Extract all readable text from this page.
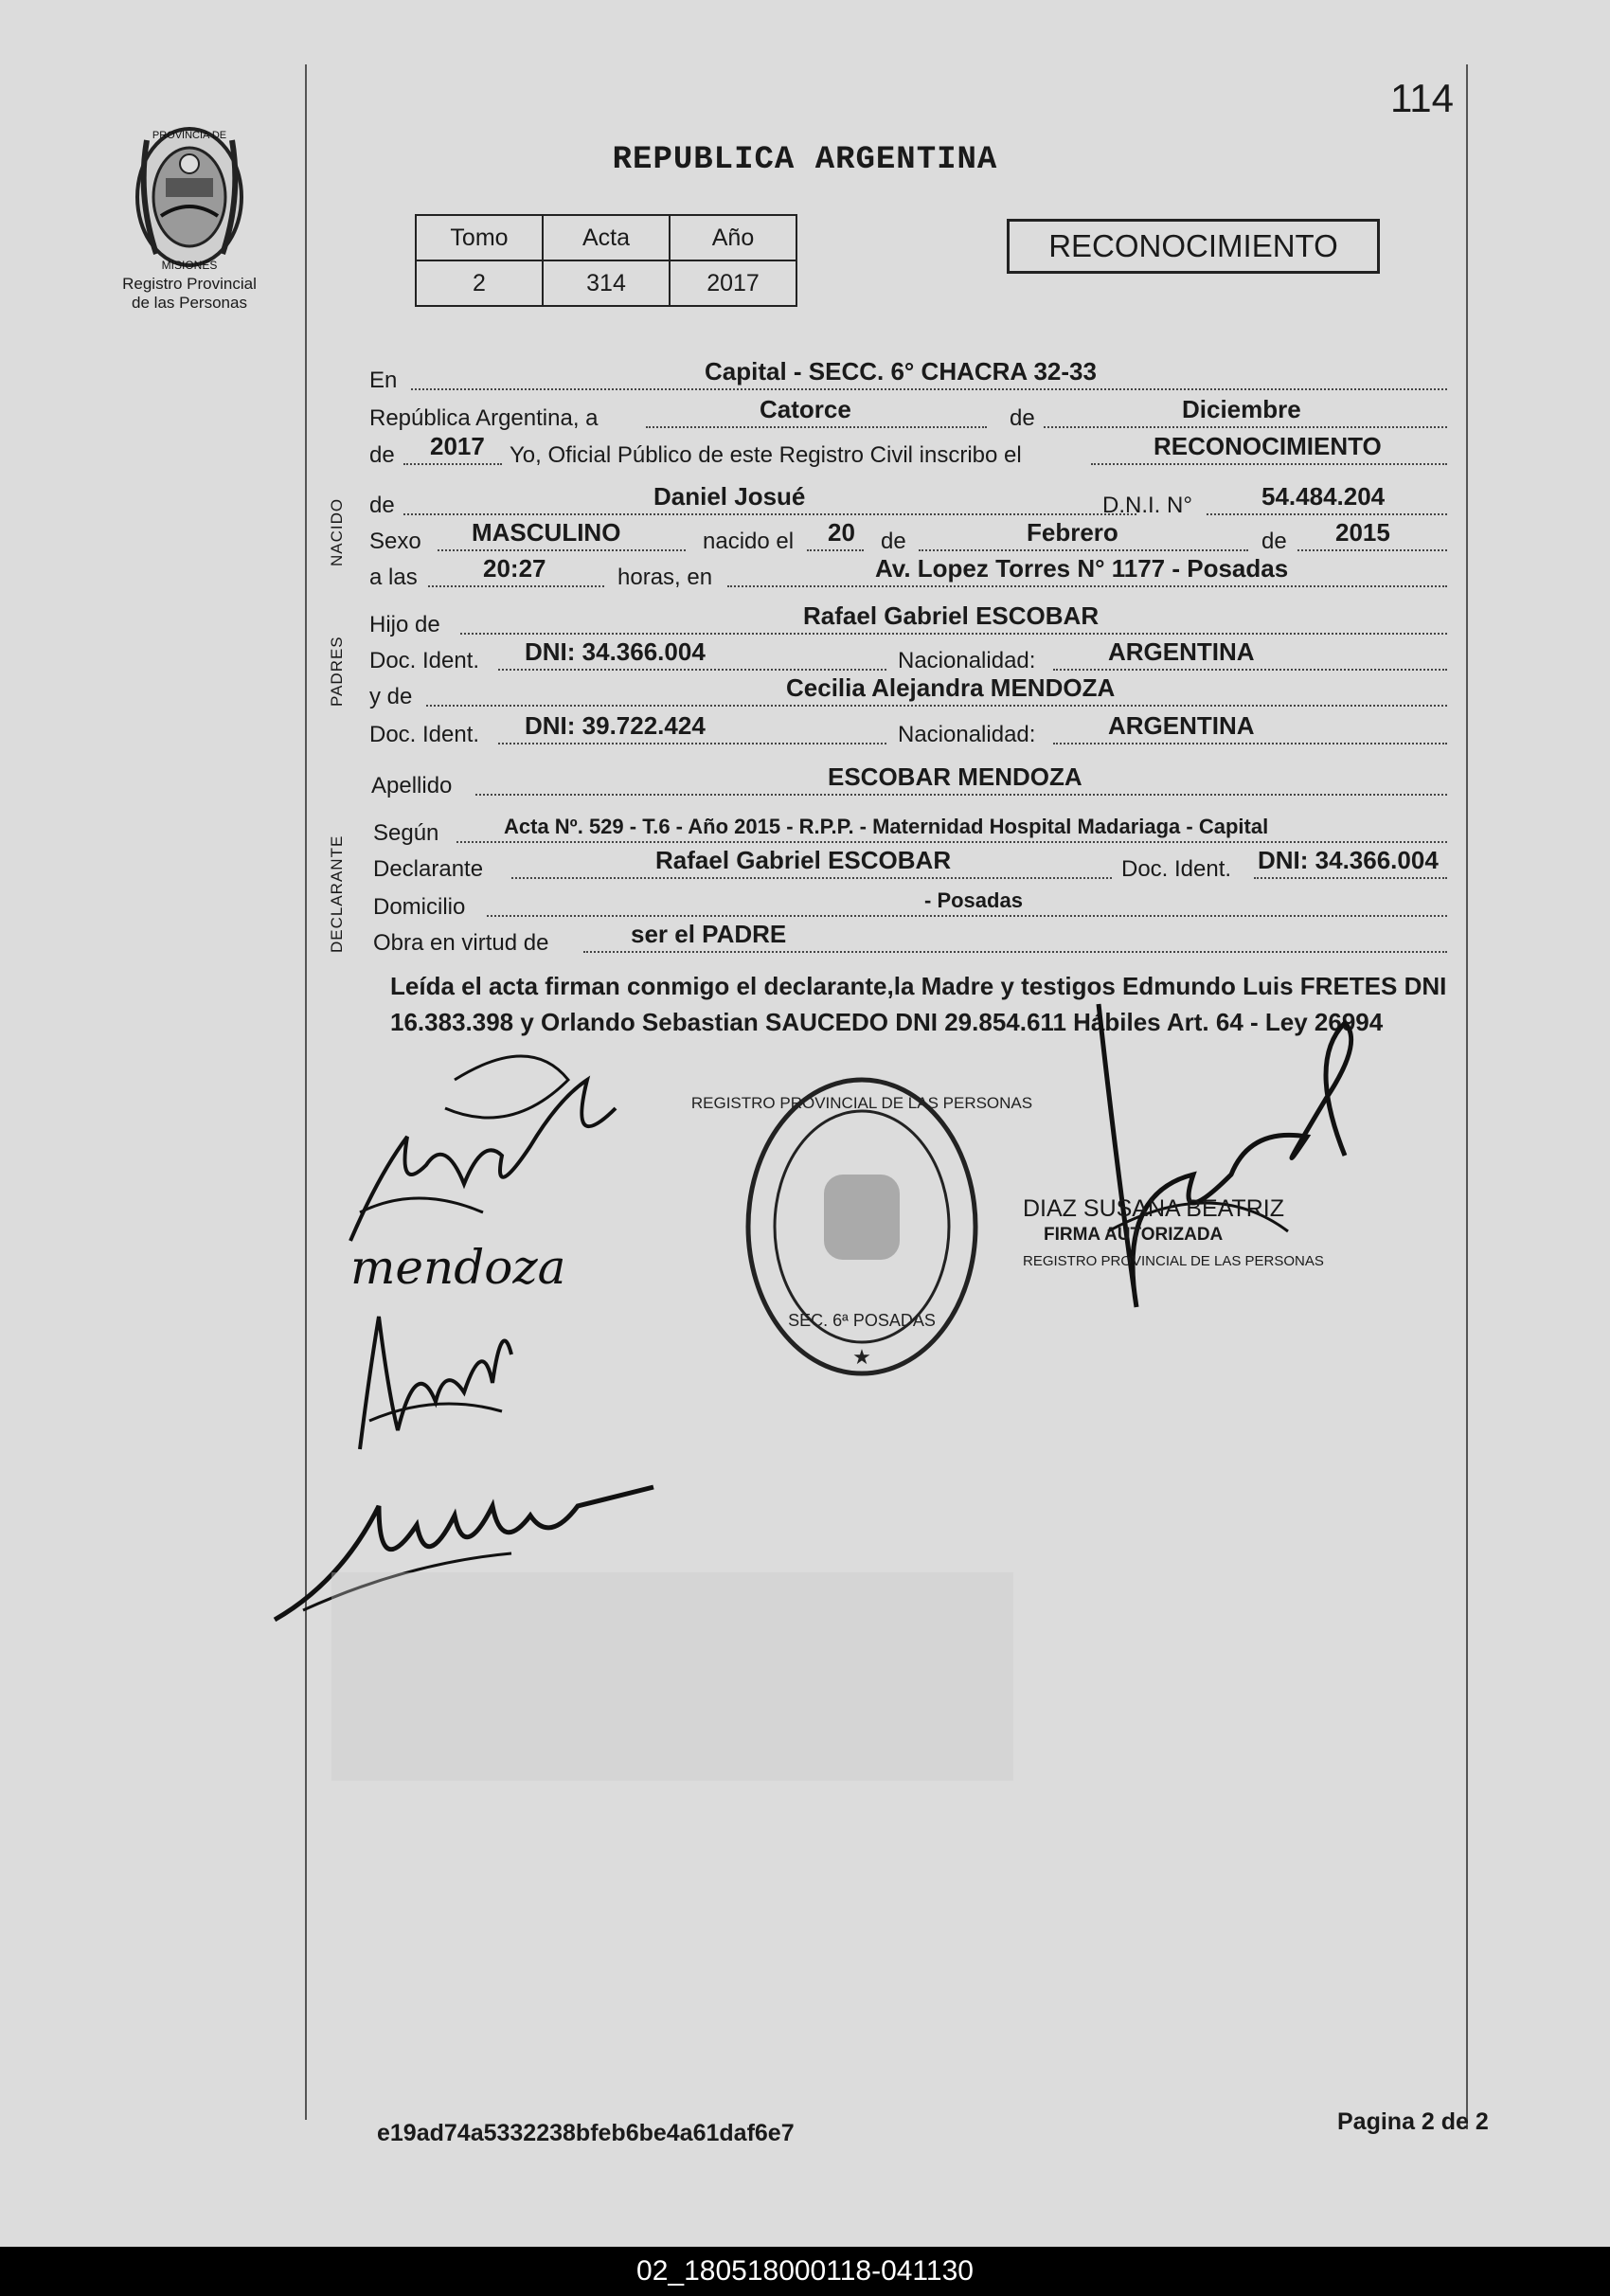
PROVINCIA DE
MISIONES
Registro Provincial
de las Personas
114
REPUBLICA ARGENTINA
Tomo	Acta	Año
2	314	2017
RECONOCIMIENTO
NACIDO
PADRES
DECLARANTE
En	Capital - SECC. 6° CHACRA 32-33
República Argentina, a	Catorce	de	Diciembre
de 2017 Yo, Oficial Público de este Registro Civil inscribo el	RECONOCIMIENTO
de	Daniel Josué	D.N.I. N°	54.484.204
Sexo MASCULINO	nacido el 20 de	Febrero	de 2015
a las	20:27	horas, en	Av. Lopez Torres N° 1177 - Posadas
Hijo de	Rafael Gabriel ESCOBAR
Doc. Ident. DNI: 34.366.004	Nacionalidad:	ARGENTINA
y de	Cecilia Alejandra MENDOZA
Doc. Ident. DNI: 39.722.424	Nacionalidad:	ARGENTINA
Apellido	ESCOBAR MENDOZA
Según	Acta Nº. 529 - T.6 - Año 2015 - R.P.P. - Maternidad Hospital Madariaga - Capital
Declarante	Rafael Gabriel ESCOBAR	Doc. Ident. DNI: 34.366.004
Domicilio	- Posadas
Obra en virtud de	ser el PADRE
Leída el acta firman conmigo el declarante,la Madre y testigos Edmundo Luis FRETES DNI 16.383.398 y Orlando Sebastian SAUCEDO DNI 29.854.611 Hábiles Art. 64 - Ley 26994
mendoza
REGISTRO PROVINCIAL DE LAS PERSONAS
SEC. 6ª POSADAS
★
DIAZ SUSANA BEATRIZ
FIRMA AUTORIZADA
REGISTRO PROVINCIAL DE LAS PERSONAS
e19ad74a5332238bfeb6be4a61daf6e7	Pagina 2 de 2
02_180518000118-041130
